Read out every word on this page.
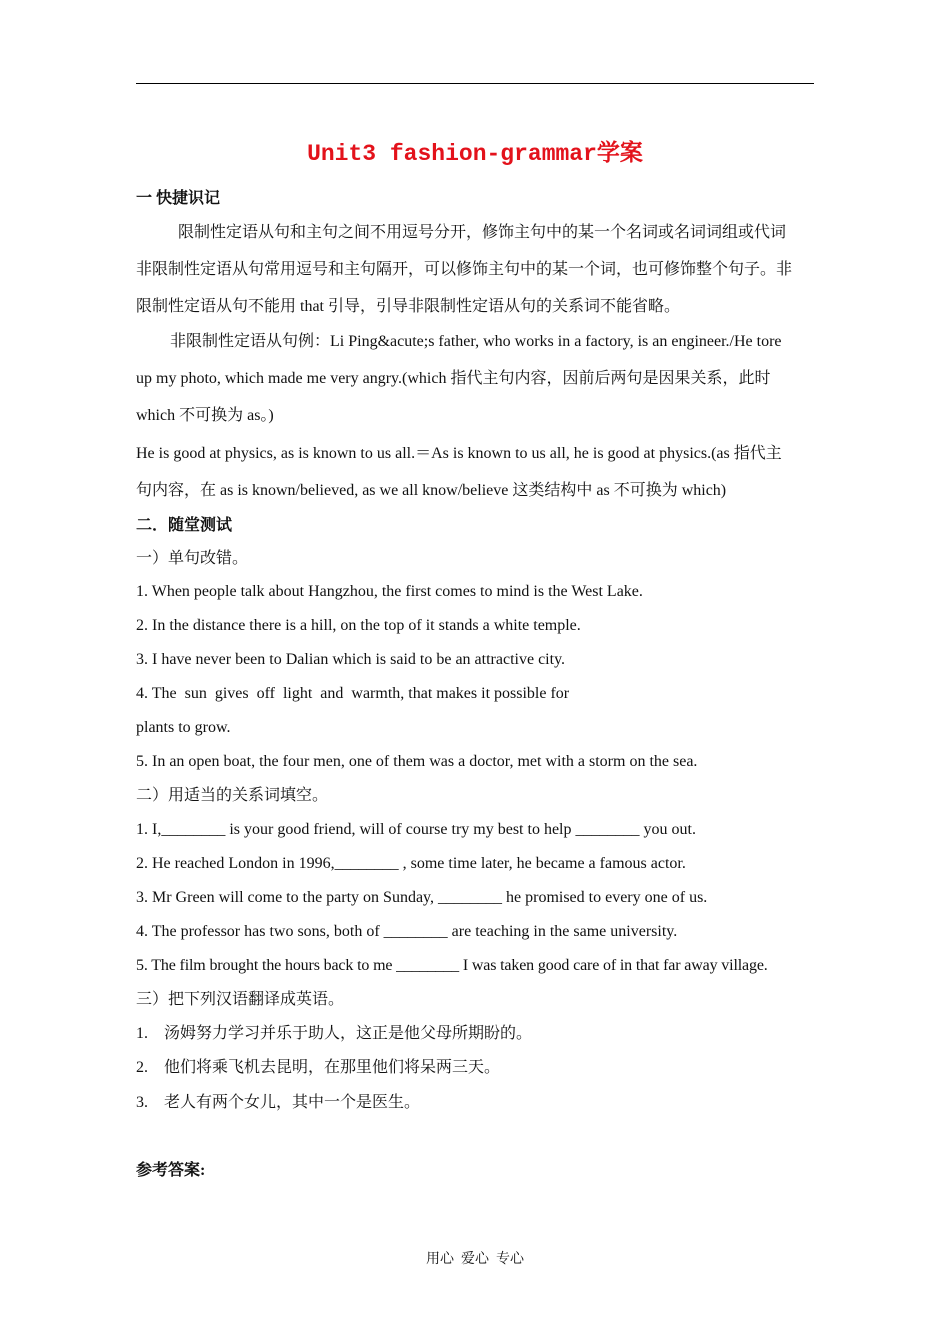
Unit3 fashion-grammar学案
一 快捷识记
限制性定语从句和主句之间不用逗号分开，修饰主句中的某一个名词或名词词组或代词
非限制性定语从句常用逗号和主句隔开，可以修饰主句中的某一个词，也可修饰整个句子。非
限制性定语从句不能用 that 引导，引导非限制性定语从句的关系词不能省略。
非限制性定语从句例：Li Ping&acute;s father, who works in a factory, is an engineer./He tore
up my photo, which made me very angry.(which 指代主句内容，因前后两句是因果关系，此时
which 不可换为 as。)
He is good at physics, as is known to us all.＝As is known to us all, he is good at physics.(as 指代主
句内容，在 as is known/believed, as we all know/believe 这类结构中 as 不可换为 which)
二．随堂测试
一）单句改错。
1. When people talk about Hangzhou, the first comes to mind is the West Lake.
2. In the distance there is a hill, on the top of it stands a white temple.
3. I have never been to Dalian which is said to be an attractive city.
4. The  sun  gives  off  light  and  warmth, that makes it possible for
plants to grow.
5. In an open boat, the four men, one of them was a doctor, met with a storm on the sea.
二）用适当的关系词填空。
1. I,________ is your good friend, will of course try my best to help ________ you out.
2. He reached London in 1996,________ , some time later, he became a famous actor.
3. Mr Green will come to the party on Sunday, ________ he promised to every one of us.
4. The professor has two sons, both of ________ are teaching in the same university.
5. The film brought the hours back to me ________ I was taken good care of in that far away village.
三）把下列汉语翻译成英语。
1.　汤姆努力学习并乐于助人，这正是他父母所期盼的。
2.　他们将乘飞机去昆明，在那里他们将呆两三天。
3.　老人有两个女儿，其中一个是医生。
参考答案:
用心  爱心  专心
